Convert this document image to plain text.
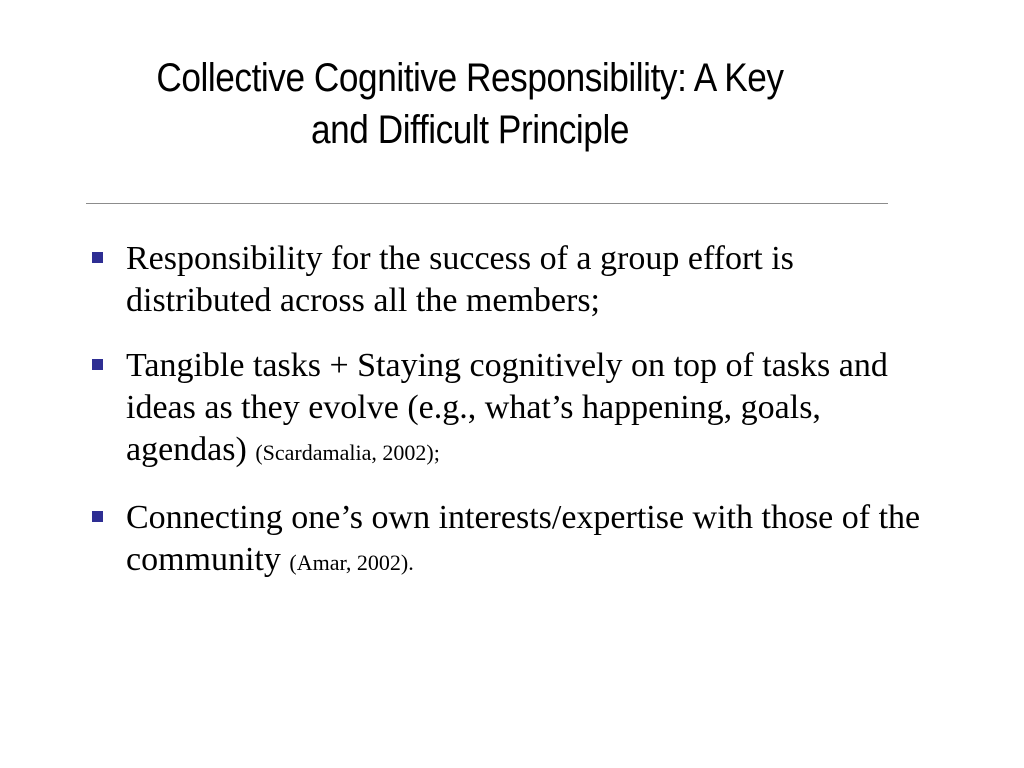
Collective Cognitive Responsibility: A Key
and Difficult Principle
Responsibility for the success of a group effort is distributed across all the members;
Tangible tasks + Staying cognitively on top of tasks and ideas as they evolve (e.g., what’s happening, goals, agendas) (Scardamalia, 2002);
Connecting one’s own interests/expertise with those of the community (Amar, 2002).
